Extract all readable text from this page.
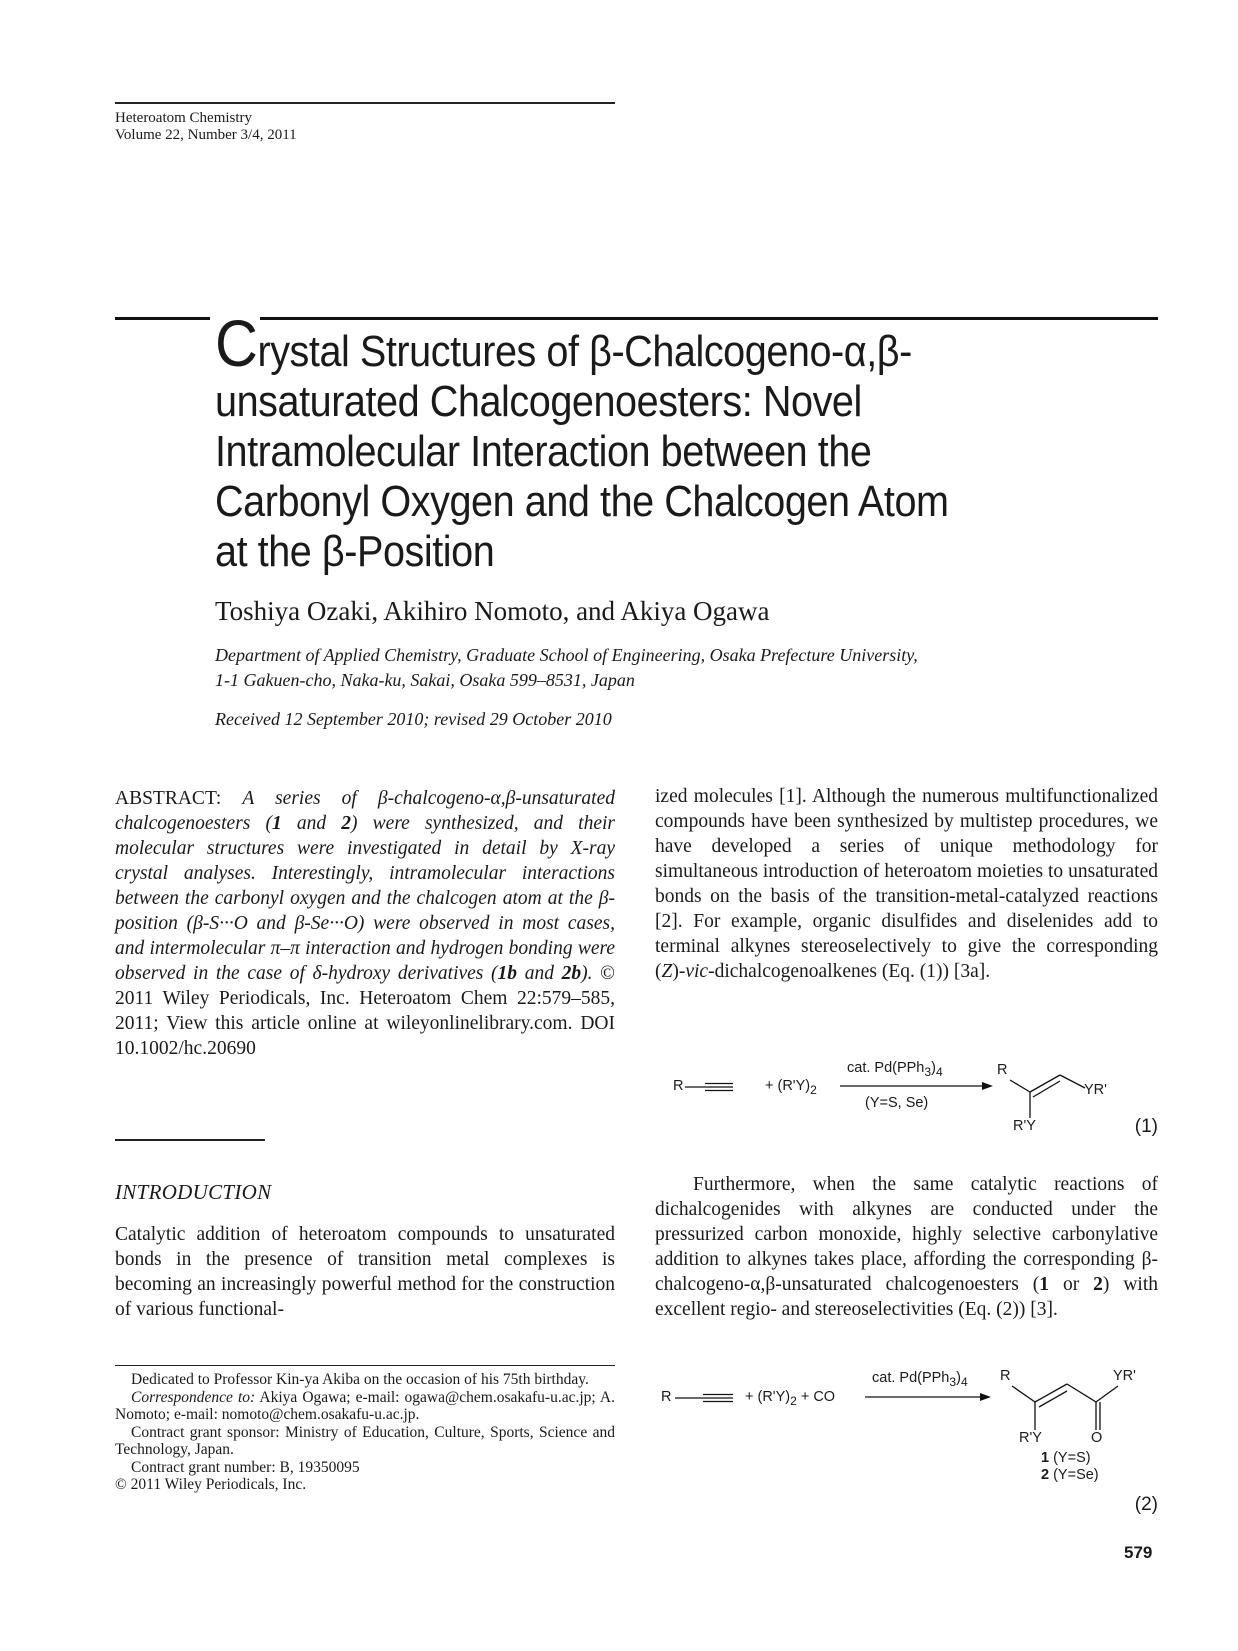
Heteroatom Chemistry
Volume 22, Number 3/4, 2011
Crystal Structures of β-Chalcogeno-α,β-
unsaturated Chalcogenoesters: Novel
Intramolecular Interaction between the
Carbonyl Oxygen and the Chalcogen Atom
at the β-Position
Toshiya Ozaki, Akihiro Nomoto, and Akiya Ogawa
Department of Applied Chemistry, Graduate School of Engineering, Osaka Prefecture University,
1-1 Gakuen-cho, Naka-ku, Sakai, Osaka 599–8531, Japan
Received 12 September 2010; revised 29 October 2010
ABSTRACT: A series of β-chalcogeno-α,β-unsaturated chalcogenoesters (1 and 2) were synthesized, and their molecular structures were investigated in detail by X-ray crystal analyses. Interestingly, intramolecular interactions between the carbonyl oxygen and the chalcogen atom at the β-position (β-S···O and β-Se···O) were observed in most cases, and intermolecular π–π interaction and hydrogen bonding were observed in the case of δ-hydroxy derivatives (1b and 2b). © 2011 Wiley Periodicals, Inc. Heteroatom Chem 22:579–585, 2011; View this article online at wileyonlinelibrary.com. DOI 10.1002/hc.20690
INTRODUCTION
Catalytic addition of heteroatom compounds to unsaturated bonds in the presence of transition metal complexes is becoming an increasingly powerful method for the construction of various functional-

Dedicated to Professor Kin-ya Akiba on the occasion of his 75th birthday.

Correspondence to: Akiya Ogawa; e-mail: ogawa@chem.osakafu-u.ac.jp; A. Nomoto; e-mail: nomoto@chem.osakafu-u.ac.jp.

Contract grant sponsor: Ministry of Education, Culture, Sports, Science and Technology, Japan.

Contract grant number: B, 19350095

© 2011 Wiley Periodicals, Inc.

ized molecules [1]. Although the numerous multifunctionalized compounds have been synthesized by multistep procedures, we have developed a series of unique methodology for simultaneous introduction of heteroatom moieties to unsaturated bonds on the basis of the transition-metal-catalyzed reactions [2]. For example, organic disulfides and diselenides add to terminal alkynes stereoselectively to give the corresponding (Z)-vic-dichalcogenoalkenes (Eq. (1)) [3a].
R	+ $(R'Y)_2$
cat. $Pd(PPh_3)_4$
(Y=S, Se)
R
YR'
R'Y	(1)
Furthermore, when the same catalytic reactions of dichalcogenides with alkynes are conducted under the pressurized carbon monoxide, highly selective carbonylative addition to alkynes takes place, affording the corresponding β-chalcogeno-α,β-unsaturated chalcogenoesters (1 or 2) with excellent regio- and stereoselectivities (Eq. (2)) [3].
R	+ $(R'Y)_2$ + CO
cat. $Pd(PPh_3)_4$ R	YR'
R'Y	O
1 (Y=S)
2 (Y=Se)
(2)
579
